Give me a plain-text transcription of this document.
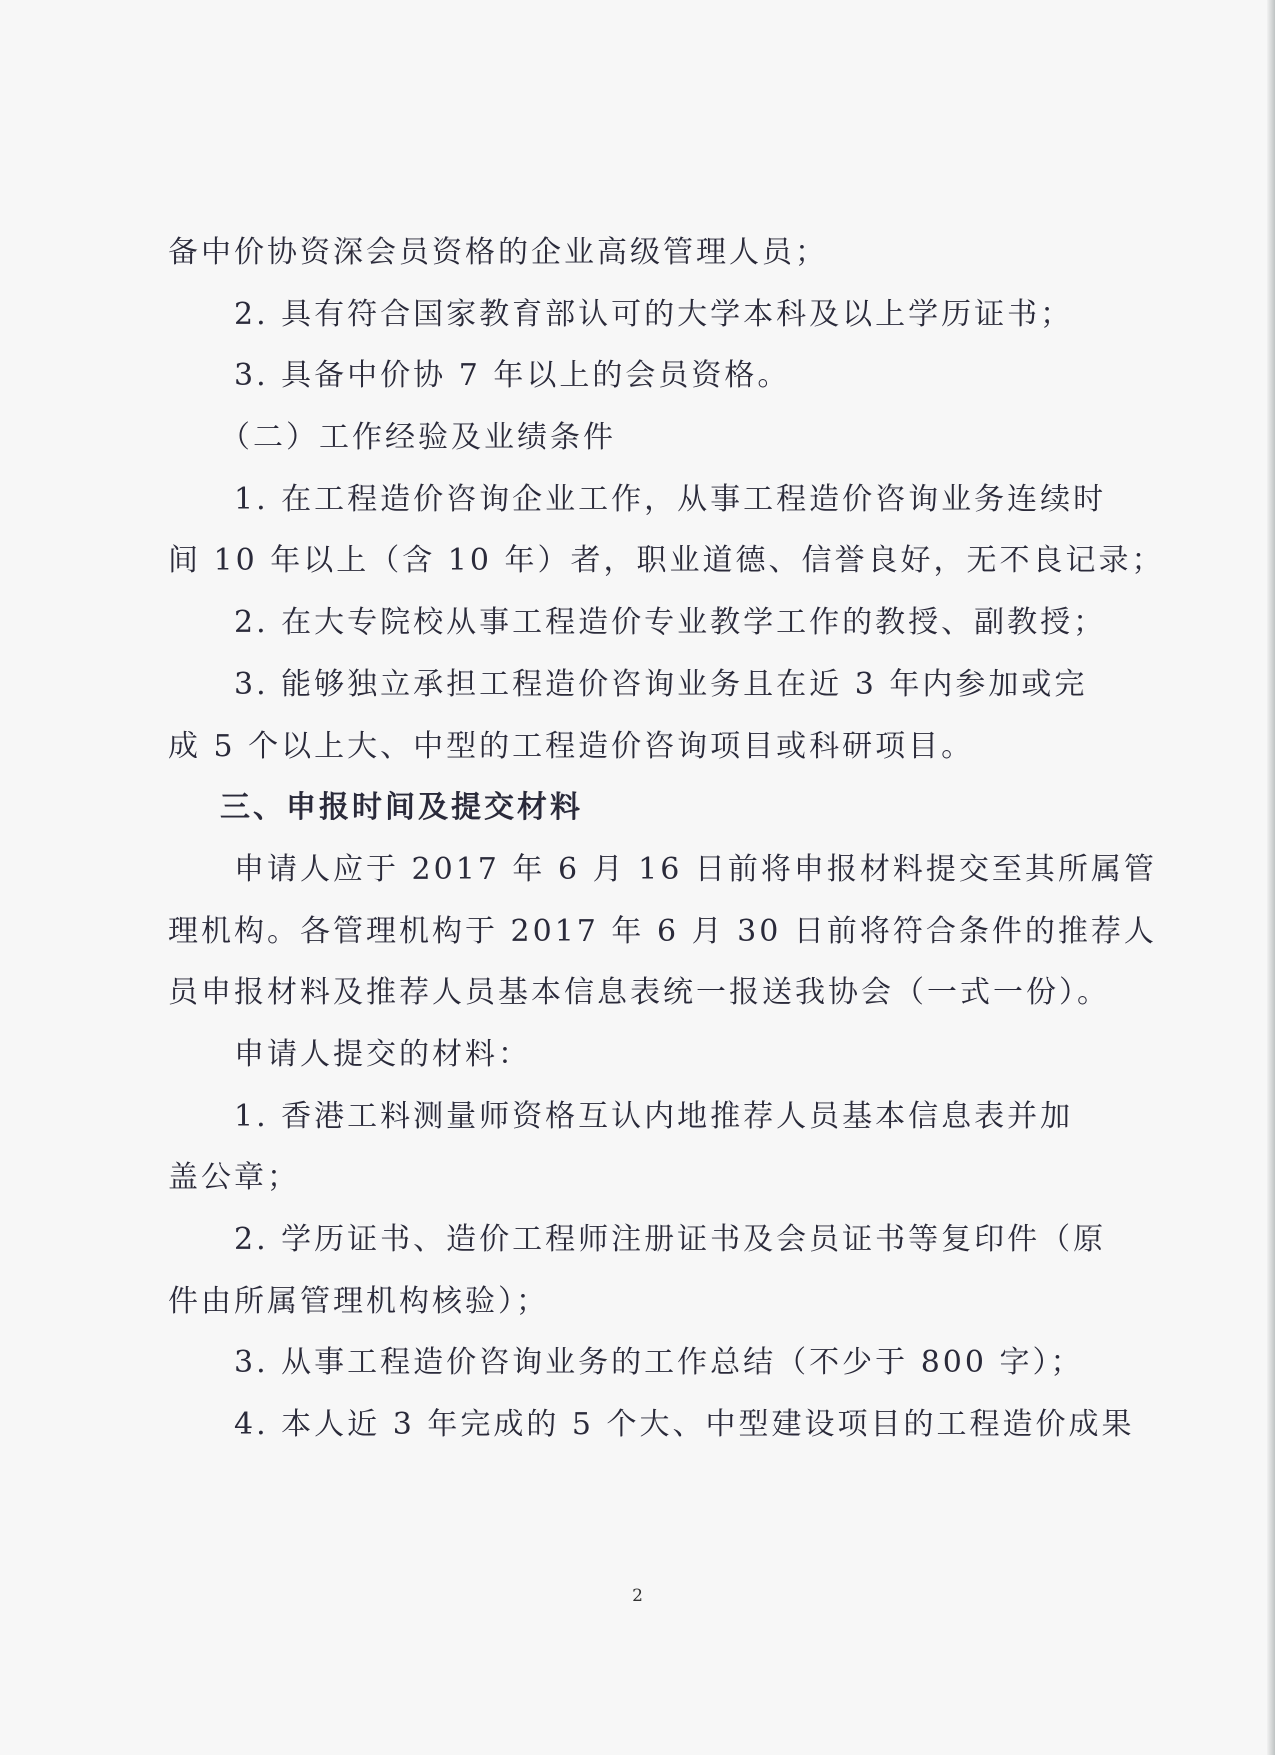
备中价协资深会员资格的企业高级管理人员；
2. 具有符合国家教育部认可的大学本科及以上学历证书；
3. 具备中价协 7 年以上的会员资格。
（二）工作经验及业绩条件
1. 在工程造价咨询企业工作，从事工程造价咨询业务连续时
间 10 年以上（含 10 年）者，职业道德、信誉良好，无不良记录；
2. 在大专院校从事工程造价专业教学工作的教授、副教授；
3. 能够独立承担工程造价咨询业务且在近 3 年内参加或完
成 5 个以上大、中型的工程造价咨询项目或科研项目。
三、申报时间及提交材料
申请人应于 2017 年 6 月 16 日前将申报材料提交至其所属管
理机构。各管理机构于 2017 年 6 月 30 日前将符合条件的推荐人
员申报材料及推荐人员基本信息表统一报送我协会（一式一份）。
申请人提交的材料：
1. 香港工料测量师资格互认内地推荐人员基本信息表并加
盖公章；
2. 学历证书、造价工程师注册证书及会员证书等复印件（原
件由所属管理机构核验）；
3. 从事工程造价咨询业务的工作总结（不少于 800 字）；
4. 本人近 3 年完成的 5 个大、中型建设项目的工程造价成果
2
